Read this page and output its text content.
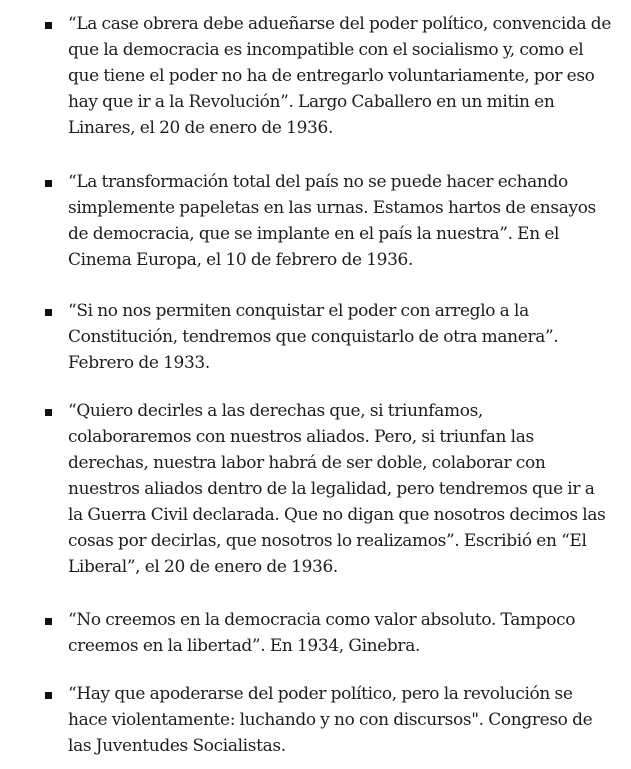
“La case obrera debe adueñarse del poder político, convencida de
que la democracia es incompatible con el socialismo y, como el
que tiene el poder no ha de entregarlo voluntariamente, por eso
hay que ir a la Revolución”. Largo Caballero en un mitin en
Linares, el 20 de enero de 1936.
“La transformación total del país no se puede hacer echando
simplemente papeletas en las urnas. Estamos hartos de ensayos
de democracia, que se implante en el país la nuestra”. En el
Cinema Europa, el 10 de febrero de 1936.
“Si no nos permiten conquistar el poder con arreglo a la
Constitución, tendremos que conquistarlo de otra manera”.
Febrero de 1933.
“Quiero decirles a las derechas que, si triunfamos,
colaboraremos con nuestros aliados. Pero, si triunfan las
derechas, nuestra labor habrá de ser doble, colaborar con
nuestros aliados dentro de la legalidad, pero tendremos que ir a
la Guerra Civil declarada. Que no digan que nosotros decimos las
cosas por decirlas, que nosotros lo realizamos”. Escribió en “El
Liberal”, el 20 de enero de 1936.
“No creemos en la democracia como valor absoluto. Tampoco
creemos en la libertad”. En 1934, Ginebra.
“Hay que apoderarse del poder político, pero la revolución se
hace violentamente: luchando y no con discursos". Congreso de
las Juventudes Socialistas.
